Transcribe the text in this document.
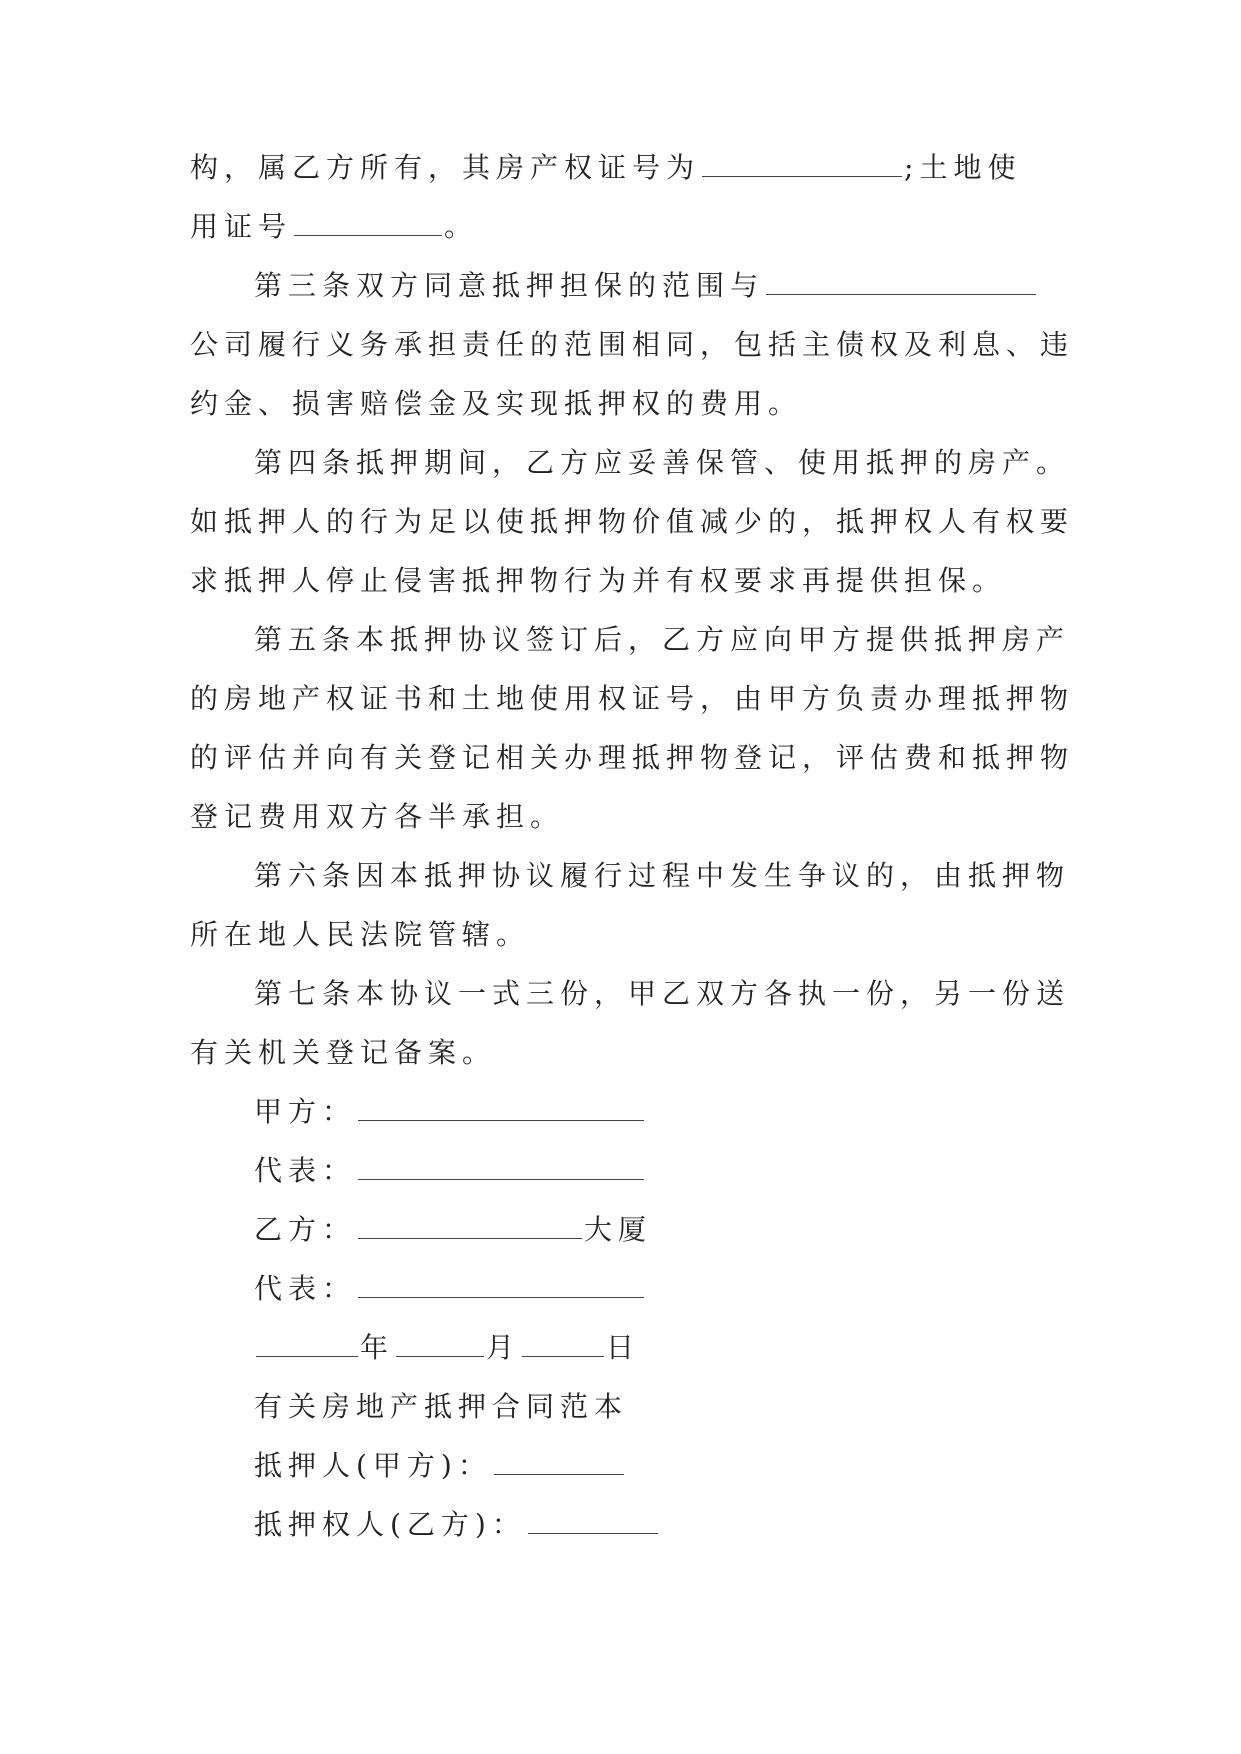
构，属乙方所有，其房产权证号为	;土地使
用证号	。
第三条双方同意抵押担保的范围与
公司履行义务承担责任的范围相同，包括主债权及利息、违
约金、损害赔偿金及实现抵押权的费用。
第四条抵押期间，乙方应妥善保管、使用抵押的房产。
如抵押人的行为足以使抵押物价值减少的，抵押权人有权要
求抵押人停止侵害抵押物行为并有权要求再提供担保。
第五条本抵押协议签订后，乙方应向甲方提供抵押房产
的房地产权证书和土地使用权证号，由甲方负责办理抵押物
的评估并向有关登记相关办理抵押物登记，评估费和抵押物
登记费用双方各半承担。
第六条因本抵押协议履行过程中发生争议的，由抵押物
所在地人民法院管辖。
第七条本协议一式三份，甲乙双方各执一份，另一份送
有关机关登记备案。
甲方：
代表：
乙方：	大厦
代表：
年	月	日
有关房地产抵押合同范本
抵押人(甲方)：
抵押权人(乙方)：
